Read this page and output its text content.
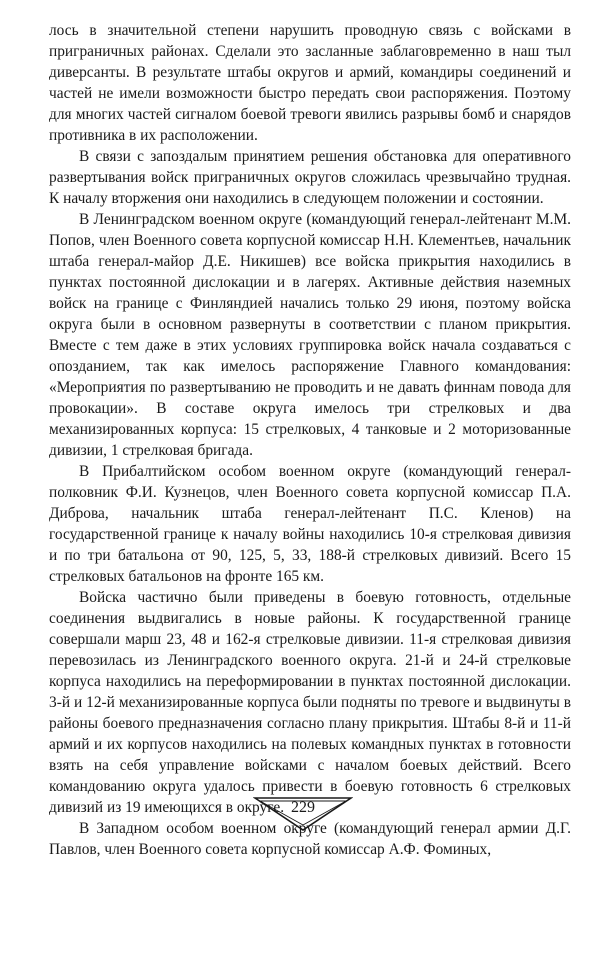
лось в значительной степени нарушить проводную связь с войсками в приграничных районах. Сделали это засланные заблаговременно в наш тыл диверсанты. В результате штабы округов и армий, командиры соединений и частей не имели возможности быстро передать свои распоряжения. Поэтому для многих частей сигналом боевой тревоги явились разрывы бомб и снарядов противника в их расположении.

В связи с запоздалым принятием решения обстановка для оперативного развертывания войск приграничных округов сложилась чрезвычайно трудная. К началу вторжения они находились в следующем положении и состоянии.

В Ленинградском военном округе (командующий генерал-лейтенант М.М. Попов, член Военного совета корпусной комиссар Н.Н. Клементьев, начальник штаба генерал-майор Д.Е. Никишев) все войска прикрытия находились в пунктах постоянной дислокации и в лагерях. Активные действия наземных войск на границе с Финляндией начались только 29 июня, поэтому войска округа были в основном развернуты в соответствии с планом прикрытия. Вместе с тем даже в этих условиях группировка войск начала создаваться с опозданием, так как имелось распоряжение Главного командования: «Мероприятия по развертыванию не проводить и не давать финнам повода для провокации». В составе округа имелось три стрелковых и два механизированных корпуса: 15 стрелковых, 4 танковые и 2 моторизованные дивизии, 1 стрелковая бригада.

В Прибалтийском особом военном округе (командующий генерал-полковник Ф.И. Кузнецов, член Военного совета корпусной комиссар П.А. Диброва, начальник штаба генерал-лейтенант П.С. Кленов) на государственной границе к началу войны находились 10-я стрелковая дивизия и по три батальона от 90, 125, 5, 33, 188-й стрелковых дивизий. Всего 15 стрелковых батальонов на фронте 165 км.

Войска частично были приведены в боевую готовность, отдельные соединения выдвигались в новые районы. К государственной границе совершали марш 23, 48 и 162-я стрелковые дивизии. 11-я стрелковая дивизия перевозилась из Ленинградского военного округа. 21-й и 24-й стрелковые корпуса находились на переформировании в пунктах постоянной дислокации. 3-й и 12-й механизированные корпуса были подняты по тревоге и выдвинуты в районы боевого предназначения согласно плану прикрытия. Штабы 8-й и 11-й армий и их корпусов находились на полевых командных пунктах в готовности взять на себя управление войсками с началом боевых действий. Всего командованию округа удалось привести в боевую готовность 6 стрелковых дивизий из 19 имеющихся в округе.

В Западном особом военном округе (командующий генерал армии Д.Г. Павлов, член Военного совета корпусной комиссар А.Ф. Фоминых,

229
